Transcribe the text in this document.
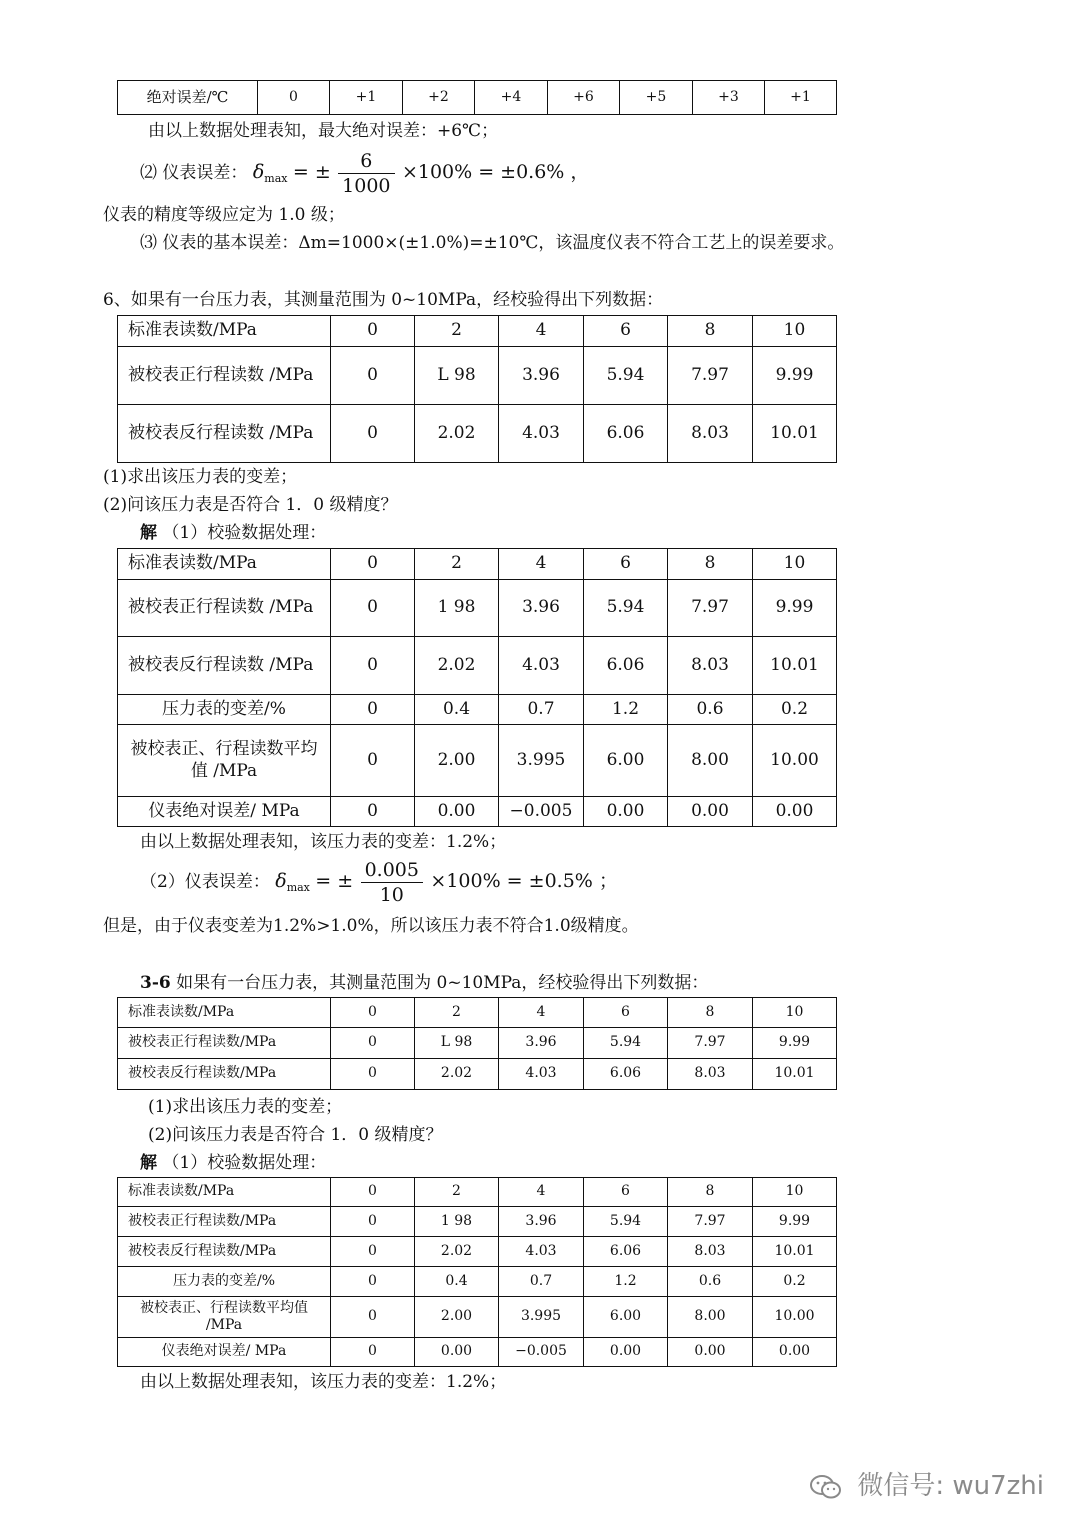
绝对误差/℃	0	+1	+2	+4	+6	+5	+3	+1
由以上数据处理表知，最大绝对误差：+6℃；
⑵ 仪表误差： $\delta_{max}$ = ± $\frac{6}{1000} \times 100\% = \pm 0.6\%$ ，
仪表的精度等级应定为 1.0 级；
⑶ 仪表的基本误差：Δm=1000×(±1.0%)=±10℃，该温度仪表不符合工艺上的误差要求。
6、如果有一台压力表，其测量范围为 0~10MPa，经校验得出下列数据：
标准表读数/MPa	0	2	4	6	8	10
被校表正行程读数 /MPa	0	L 98	3.96	5.94	7.97	9.99
被校表反行程读数 /MPa	0	2.02	4.03	6.06	8.03	10.01
(1)求出该压力表的变差；
(2)问该压力表是否符合 1．0 级精度？
解 （1）校验数据处理：
标准表读数/MPa	0	2	4	6	8	10
被校表正行程读数 /MPa	0	1 98	3.96	5.94	7.97	9.99
被校表反行程读数 /MPa	0	2.02	4.03	6.06	8.03	10.01
压力表的变差/%	0	0.4	0.7	1.2	0.6	0.2
被校表正、行程读数平均值 /MPa	0	2.00	3.995	6.00	8.00	10.00
仪表绝对误差/ MPa	0	0.00	−0.005	0.00	0.00	0.00
由以上数据处理表知，该压力表的变差：1.2%；
（2）仪表误差： $\delta_{max}$ = ± $\frac{0.005}{10} \times 100\% = \pm 0.5\%$ ；
但是，由于仪表变差为1.2%>1.0%，所以该压力表不符合1.0级精度。
3-6 如果有一台压力表，其测量范围为 0~10MPa，经校验得出下列数据：
标准表读数/MPa	0	2	4	6	8	10
被校表正行程读数/MPa	0	L 98	3.96	5.94	7.97	9.99
被校表反行程读数/MPa	0	2.02	4.03	6.06	8.03	10.01
(1)求出该压力表的变差；
(2)问该压力表是否符合 1．0 级精度？
解 （1）校验数据处理：
标准表读数/MPa	0	2	4	6	8	10
被校表正行程读数/MPa	0	1 98	3.96	5.94	7.97	9.99
被校表反行程读数/MPa	0	2.02	4.03	6.06	8.03	10.01
压力表的变差/%	0	0.4	0.7	1.2	0.6	0.2
被校表正、行程读数平均值 /MPa	0	2.00	3.995	6.00	8.00	10.00
仪表绝对误差/ MPa	0	0.00	−0.005	0.00	0.00	0.00
由以上数据处理表知，该压力表的变差：1.2%；
微信号: wu7zhi
